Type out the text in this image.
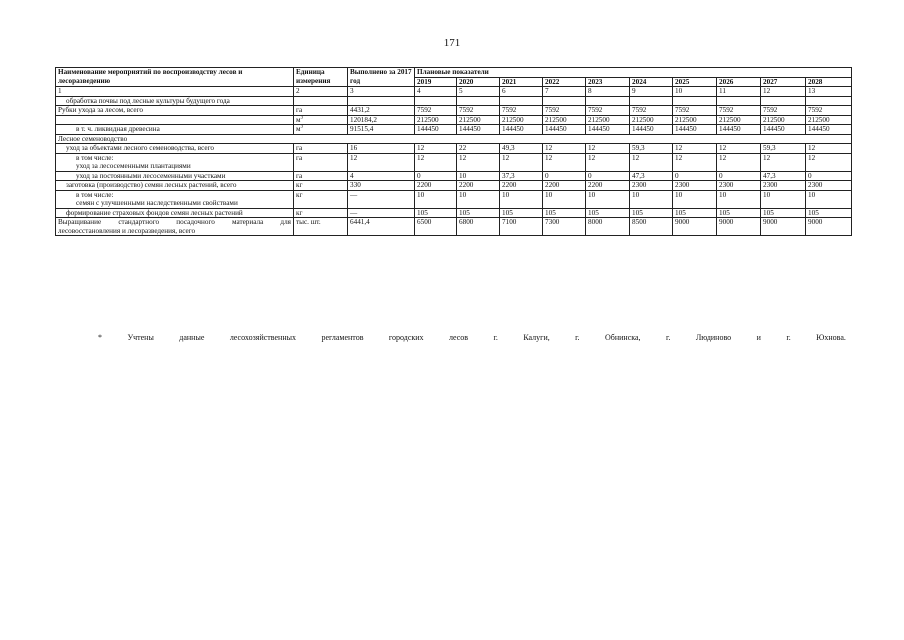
171
Наименование мероприятий по воспроизводству лесов и лесоразведению	Единица измерения	Выполнено за 2017 год	Плановые показатели									
			2019	2020	2021	2022	2023	2024	2025	2026	2027	2028
1	2	3	4	5	6	7	8	9	10	11	12	13
обработка почвы под лесные культуры будущего года												
Рубки ухода за лесом, всего	га	4431,2	7592	7592	7592	7592	7592	7592	7592	7592	7592	7592
	$м^3$	120184,2	212500	212500	212500	212500	212500	212500	212500	212500	212500	212500
в т. ч. ликвидная древесина	$м^3$	91515,4	144450	144450	144450	144450	144450	144450	144450	144450	144450	144450
Лесное семеноводство												
уход за объектами лесного семеноводства, всего	га	16	12	22	49,3	12	12	59,3	12	12	59,3	12

в том числе:
уход за лесосеменными плантациями	га	12	12	12	12	12	12	12	12	12	12	12
уход за постоянными лесосеменными участками	га	4	0	10	37,3	0	0	47,3	0	0	47,3	0
заготовка (производство) семян лесных растений, всего	кг	330	2200	2200	2200	2200	2200	2300	2300	2300	2300	2300

в том числе:
семян с улучшенными наследственными свойствами	кг	—	10	10	10	10	10	10	10	10	10	10
формирование страховых фондов семян лесных растений	кг	—	105	105	105	105	105	105	105	105	105	105
Выращивание стандартного посадочного материала для лесовосстановления и лесоразведения, всего	тыс. шт.	6441,4	6500	6800	7100	7300	8000	8500	9000	9000	9000	9000
*	Учтены	данные	лесохозяйственных	регламентов	городских	лесов	г.	Калуги,	г.	Обнинска,	г.	Людиново	и	г.	Юхнова.
